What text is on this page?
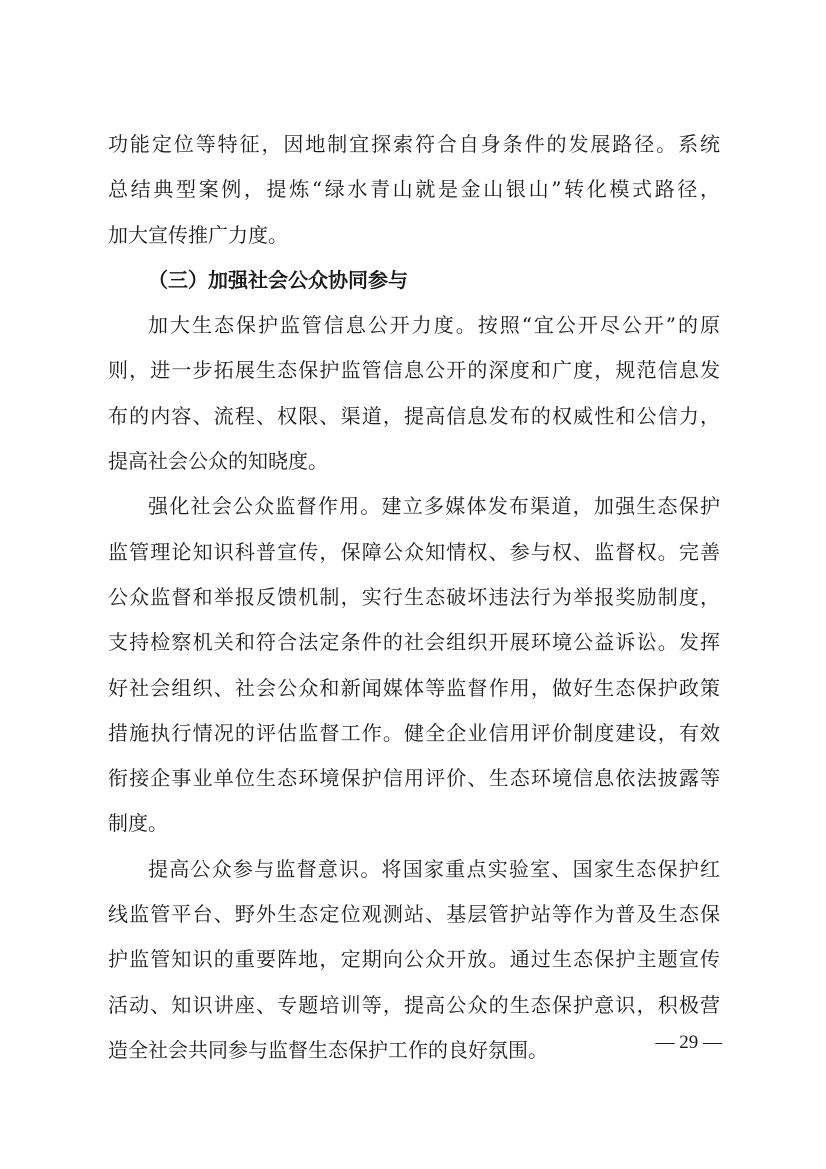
功能定位等特征，因地制宜探索符合自身条件的发展路径。系统
总结典型案例，提炼“绿水青山就是金山银山”转化模式路径，
加大宣传推广力度。
（三）加强社会公众协同参与
加大生态保护监管信息公开力度。按照“宜公开尽公开”的原
则，进一步拓展生态保护监管信息公开的深度和广度，规范信息发
布的内容、流程、权限、渠道，提高信息发布的权威性和公信力，
提高社会公众的知晓度。
强化社会公众监督作用。建立多媒体发布渠道，加强生态保护
监管理论知识科普宣传，保障公众知情权、参与权、监督权。完善
公众监督和举报反馈机制，实行生态破坏违法行为举报奖励制度，
支持检察机关和符合法定条件的社会组织开展环境公益诉讼。发挥
好社会组织、社会公众和新闻媒体等监督作用，做好生态保护政策
措施执行情况的评估监督工作。健全企业信用评价制度建设，有效
衔接企事业单位生态环境保护信用评价、生态环境信息依法披露等
制度。
提高公众参与监督意识。将国家重点实验室、国家生态保护红
线监管平台、野外生态定位观测站、基层管护站等作为普及生态保
护监管知识的重要阵地，定期向公众开放。通过生态保护主题宣传
活动、知识讲座、专题培训等，提高公众的生态保护意识，积极营
造全社会共同参与监督生态保护工作的良好氛围。	— 29 —
